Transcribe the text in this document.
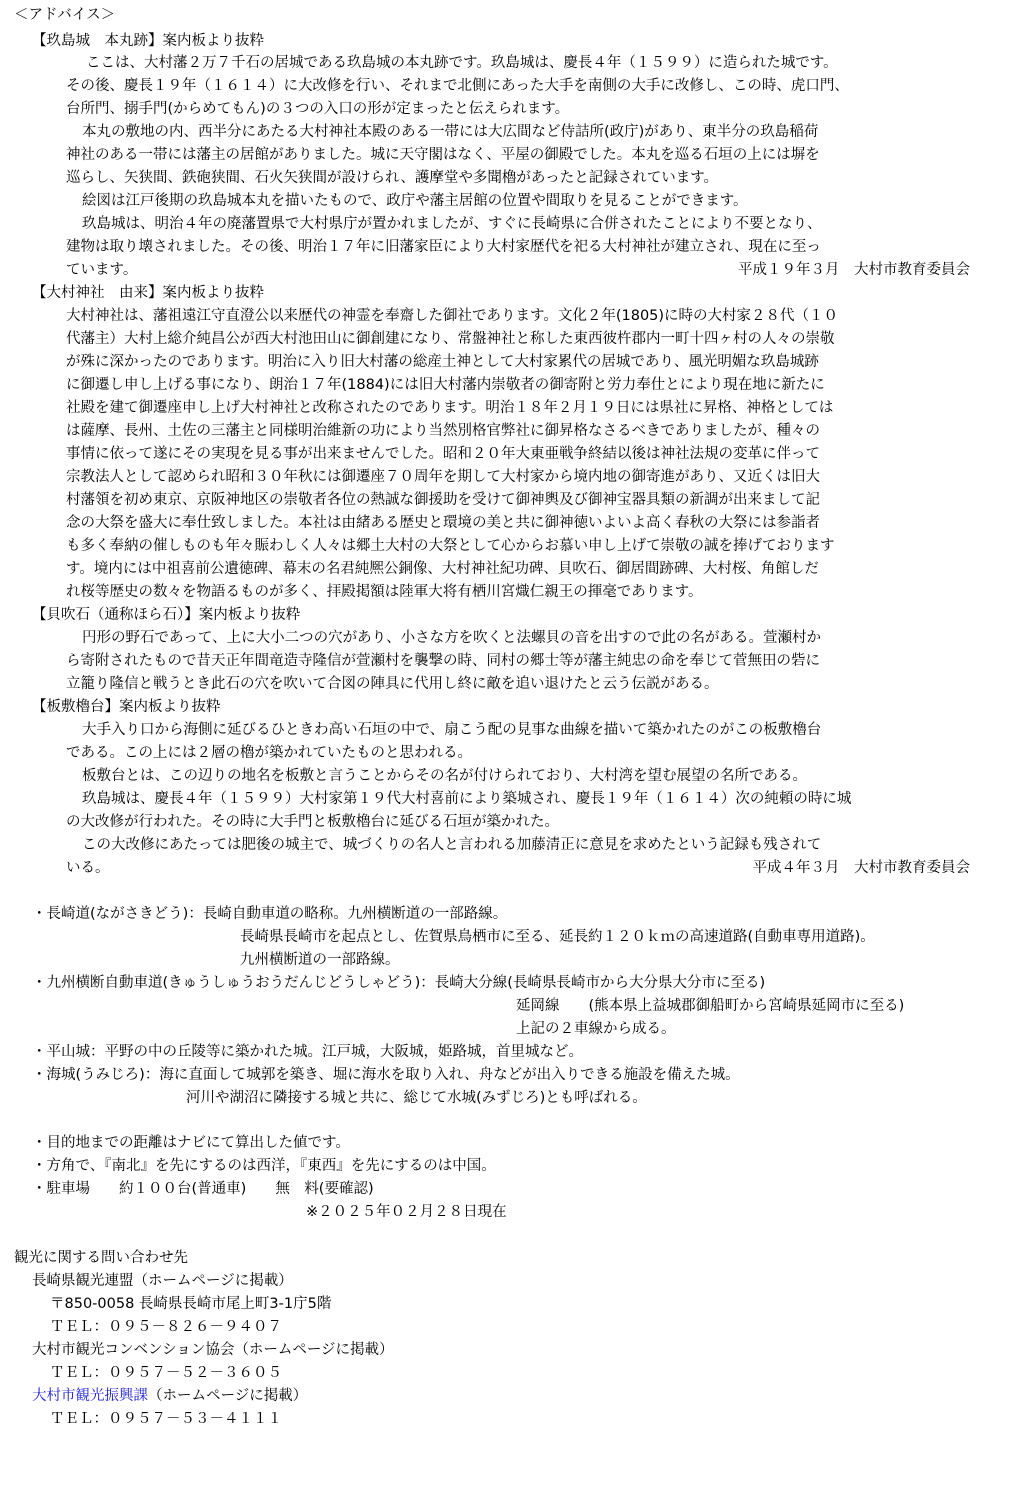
＜アドバイス＞
【玖島城　本丸跡】案内板より抜粋
ここは、大村藩２万７千石の居城である玖島城の本丸跡です。玖島城は、慶長４年（１５９９）に造られた城です。
その後、慶長１９年（１６１４）に大改修を行い、それまで北側にあった大手を南側の大手に改修し、この時、虎口門、
台所門、搦手門(からめてもん)の３つの入口の形が定まったと伝えられます。
本丸の敷地の内、西半分にあたる大村神社本殿のある一帯には大広間など侍詰所(政庁)があり、東半分の玖島稲荷
神社のある一帯には藩主の居館がありました。城に天守閣はなく、平屋の御殿でした。本丸を巡る石垣の上には塀を
巡らし、矢狭間、鉄砲狭間、石火矢狭間が設けられ、護摩堂や多聞櫓があったと記録されています。
絵図は江戸後期の玖島城本丸を描いたもので、政庁や藩主居館の位置や間取りを見ることができます。
玖島城は、明治４年の廃藩置県で大村県庁が置かれましたが、すぐに長崎県に合併されたことにより不要となり、
建物は取り壊されました。その後、明治１７年に旧藩家臣により大村家歴代を祀る大村神社が建立され、現在に至っ
ています。	平成１９年３月　大村市教育委員会
【大村神社　由来】案内板より抜粋
大村神社は、藩祖遠江守直澄公以来歴代の神霊を奉齋した御社であります。文化２年(1805)に時の大村家２８代（１０
代藩主）大村上総介純昌公が西大村池田山に御創建になり、常盤神社と称した東西彼杵郡内一町十四ヶ村の人々の崇敬
が殊に深かったのであります。明治に入り旧大村藩の総産土神として大村家累代の居城であり、風光明媚な玖島城跡
に御遷し申し上げる事になり、朗治１７年(1884)には旧大村藩内崇敬者の御寄附と労力奉仕とにより現在地に新たに
社殿を建て御遷座申し上げ大村神社と改称されたのであります。明治１８年２月１９日には県社に昇格、神格としては
は薩摩、長州、土佐の三藩主と同様明治維新の功により当然別格官弊社に御昇格なさるべきでありましたが、種々の
事情に依って遂にその実現を見る事が出来ませんでした。昭和２０年大東亜戦争終結以後は神社法規の変革に伴って
宗教法人として認められ昭和３０年秋には御遷座７０周年を期して大村家から境内地の御寄進があり、又近くは旧大
村藩領を初め東京、京阪神地区の崇敬者各位の熱誠な御援助を受けて御神輿及び御神宝器具類の新調が出来まして記
念の大祭を盛大に奉仕致しました。本社は由緒ある歴史と環境の美と共に御神徳いよいよ高く春秋の大祭には参詣者
も多く奉納の催しものも年々賑わしく人々は郷土大村の大祭として心からお慕い申し上げて崇敬の誠を捧げております
す。境内には中祖喜前公遺徳碑、幕末の名君純熈公銅像、大村神社紀功碑、貝吹石、御居間跡碑、大村桜、角館しだ
れ桜等歴史の数々を物語るものが多く、拝殿掲額は陸軍大将有栖川宮熾仁親王の揮毫であります。
【貝吹石（通称ほら石）】案内板より抜粋
円形の野石であって、上に大小二つの穴があり、小さな方を吹くと法螺貝の音を出すので此の名がある。萱瀬村か
ら寄附されたもので昔天正年間竜造寺隆信が萱瀬村を襲撃の時、同村の郷士等が藩主純忠の命を奉じて菅無田の砦に
立籠り隆信と戦うとき此石の穴を吹いて合図の陣具に代用し終に敵を追い退けたと云う伝説がある。
【板敷櫓台】案内板より抜粋
大手入り口から海側に延びるひときわ高い石垣の中で、扇こう配の見事な曲線を描いて築かれたのがこの板敷櫓台
である。この上には２層の櫓が築かれていたものと思われる。
板敷台とは、この辺りの地名を板敷と言うことからその名が付けられており、大村湾を望む展望の名所である。
玖島城は、慶長４年（１５９９）大村家第１９代大村喜前により築城され、慶長１９年（１６１４）次の純頼の時に城
の大改修が行われた。その時に大手門と板敷櫓台に延びる石垣が築かれた。
この大改修にあたっては肥後の城主で、城づくりの名人と言われる加藤清正に意見を求めたという記録も残されて
いる。	平成４年３月　大村市教育委員会
・長崎道(ながさきどう)：長崎自動車道の略称。九州横断道の一部路線。
長崎県長崎市を起点とし、佐賀県鳥栖市に至る、延長約１２０ｋｍの高速道路(自動車専用道路)。
九州横断道の一部路線。
・九州横断自動車道(きゅうしゅうおうだんじどうしゃどう)：長崎大分線(長崎県長崎市から大分県大分市に至る)
延岡線　　(熊本県上益城郡御船町から宮崎県延岡市に至る)
上記の２車線から成る。
・平山城：平野の中の丘陵等に築かれた城。江戸城，大阪城，姫路城，首里城など。
・海城(うみじろ)：海に直面して城郭を築き、堀に海水を取り入れ、舟などが出入りできる施設を備えた城。
河川や湖沼に隣接する城と共に、総じて水城(みずじろ)とも呼ばれる。
・目的地までの距離はナビにて算出した値です。
・方角で、『南北』を先にするのは西洋，『東西』を先にするのは中国。
・駐車場　　約１００台(普通車)　　無　料(要確認)
※２０２５年０２月２８日現在
観光に関する問い合わせ先
長崎県観光連盟（ホームページに掲載）
〒850-0058 長崎県長崎市尾上町3-1庁5階
ＴＥＬ：０９５－８２６－９４０７
大村市観光コンベンション協会（ホームページに掲載）
ＴＥＬ：０９５７－５２－３６０５
大村市観光振興課（ホームページに掲載）
ＴＥＬ：０９５７－５３－４１１１
